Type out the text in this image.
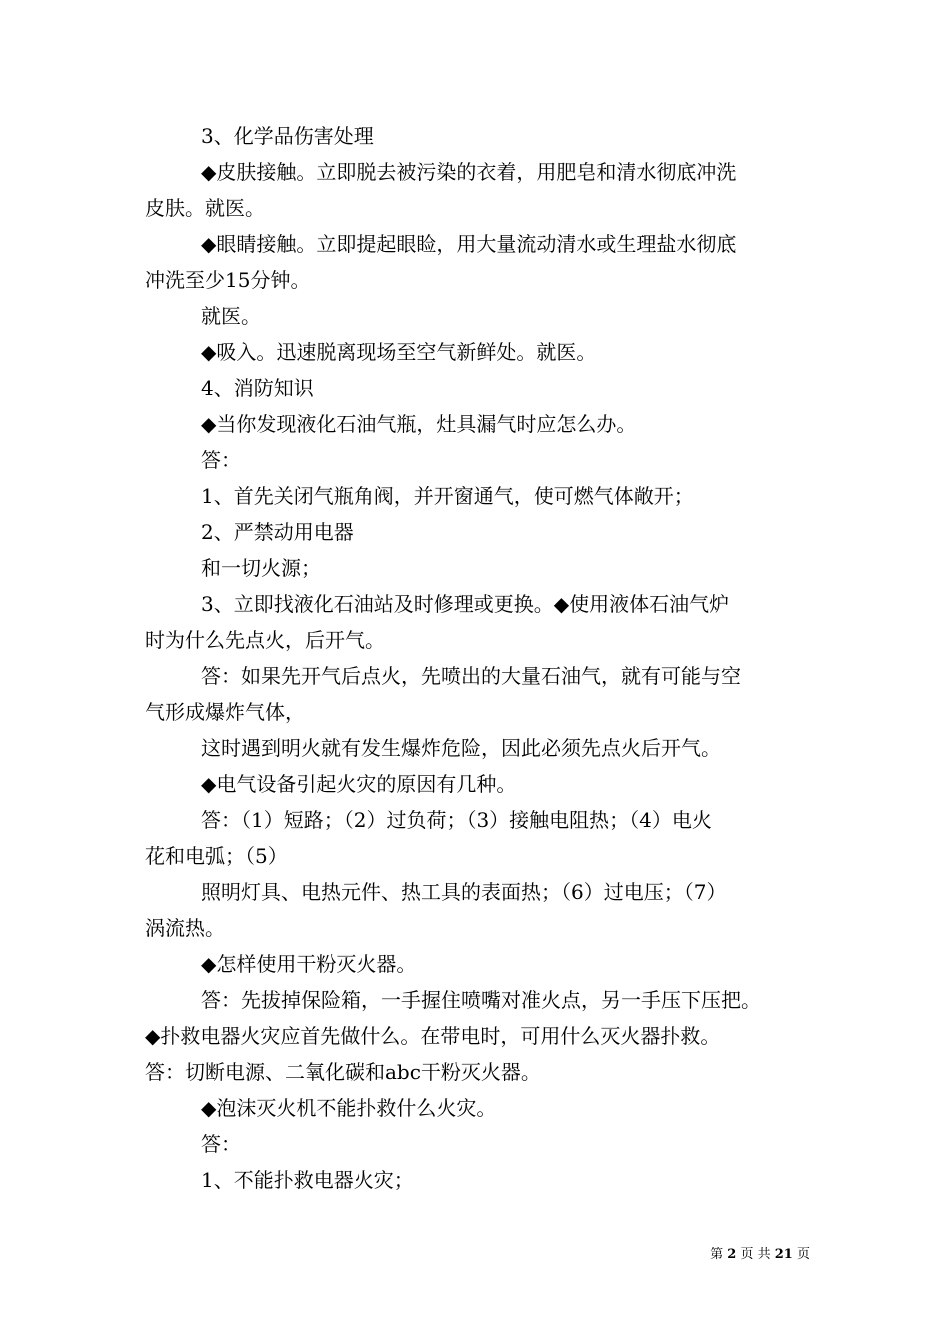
3、化学品伤害处理
◆皮肤接触。立即脱去被污染的衣着，用肥皂和清水彻底冲洗
皮肤。就医。
◆眼睛接触。立即提起眼睑，用大量流动清水或生理盐水彻底
冲洗至少15分钟。
就医。
◆吸入。迅速脱离现场至空气新鲜处。就医。
4、消防知识
◆当你发现液化石油气瓶，灶具漏气时应怎么办。
答：
1、首先关闭气瓶角阀，并开窗通气，使可燃气体敞开；
2、严禁动用电器
和一切火源；
3、立即找液化石油站及时修理或更换。◆使用液体石油气炉
时为什么先点火，后开气。
答：如果先开气后点火，先喷出的大量石油气，就有可能与空
气形成爆炸气体，
这时遇到明火就有发生爆炸危险，因此必须先点火后开气。
◆电气设备引起火灾的原因有几种。
答：（1）短路；（2）过负荷；（3）接触电阻热；（4）电火
花和电弧；（5）
照明灯具、电热元件、热工具的表面热；（6）过电压；（7）
涡流热。
◆怎样使用干粉灭火器。
答：先拔掉保险箱，一手握住喷嘴对准火点，另一手压下压把。
◆扑救电器火灾应首先做什么。在带电时，可用什么灭火器扑救。
答：切断电源、二氧化碳和abc干粉灭火器。
◆泡沫灭火机不能扑救什么火灾。
答：
1、不能扑救电器火灾；
第 2 页 共 21 页
